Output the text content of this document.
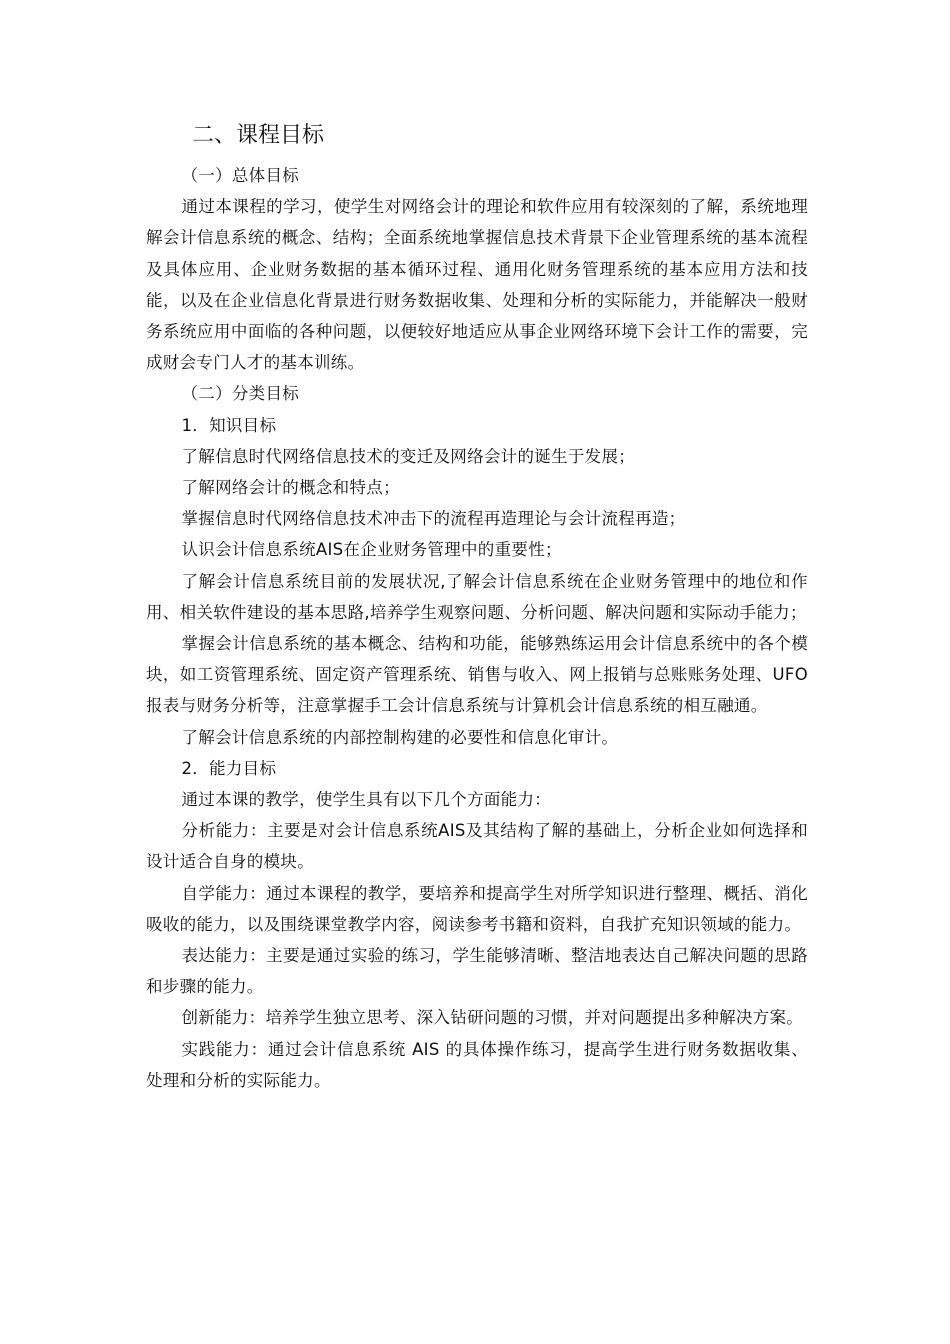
二、课程目标

（一）总体目标

通过本课程的学习，使学生对网络会计的理论和软件应用有较深刻的了解，系统地理解会计信息系统的概念、结构；全面系统地掌握信息技术背景下企业管理系统的基本流程及具体应用、企业财务数据的基本循环过程、通用化财务管理系统的基本应用方法和技能，以及在企业信息化背景进行财务数据收集、处理和分析的实际能力，并能解决一般财务系统应用中面临的各种问题，以便较好地适应从事企业网络环境下会计工作的需要，完成财会专门人才的基本训练。

（二）分类目标

1．知识目标

了解信息时代网络信息技术的变迁及网络会计的诞生于发展；

了解网络会计的概念和特点；

掌握信息时代网络信息技术冲击下的流程再造理论与会计流程再造；

认识会计信息系统AIS在企业财务管理中的重要性；

了解会计信息系统目前的发展状况,了解会计信息系统在企业财务管理中的地位和作用、相关软件建设的基本思路,培养学生观察问题、分析问题、解决问题和实际动手能力；

掌握会计信息系统的基本概念、结构和功能，能够熟练运用会计信息系统中的各个模块，如工资管理系统、固定资产管理系统、销售与收入、网上报销与总账账务处理、UFO报表与财务分析等，注意掌握手工会计信息系统与计算机会计信息系统的相互融通。

了解会计信息系统的内部控制构建的必要性和信息化审计。

2．能力目标

通过本课的教学，使学生具有以下几个方面能力：

分析能力：主要是对会计信息系统AIS及其结构了解的基础上，分析企业如何选择和设计适合自身的模块。

自学能力：通过本课程的教学，要培养和提高学生对所学知识进行整理、概括、消化吸收的能力，以及围绕课堂教学内容，阅读参考书籍和资料，自我扩充知识领域的能力。

表达能力：主要是通过实验的练习，学生能够清晰、整洁地表达自己解决问题的思路和步骤的能力。

创新能力：培养学生独立思考、深入钻研问题的习惯，并对问题提出多种解决方案。

实践能力：通过会计信息系统 AIS 的具体操作练习，提高学生进行财务数据收集、处理和分析的实际能力。
